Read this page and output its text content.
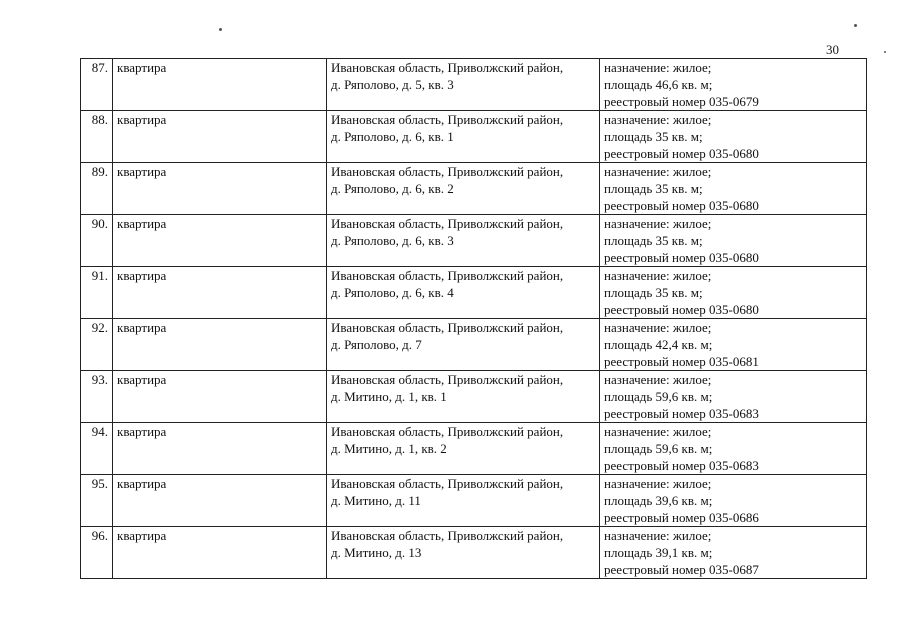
30
87.	квартира	Ивановская область, Приволжский район,
д. Ряполово, д. 5, кв. 3	назначение: жилое;
площадь 46,6 кв. м;
реестровый номер 035-0679

88.	квартира	Ивановская область, Приволжский район,
д. Ряполово, д. 6, кв. 1	назначение: жилое;
площадь 35 кв. м;
реестровый номер 035-0680

89.	квартира	Ивановская область, Приволжский район,
д. Ряполово, д. 6, кв. 2	назначение: жилое;
площадь 35 кв. м;
реестровый номер 035-0680

90.	квартира	Ивановская область, Приволжский район,
д. Ряполово, д. 6, кв. 3	назначение: жилое;
площадь 35 кв. м;
реестровый номер 035-0680

91.	квартира	Ивановская область, Приволжский район,
д. Ряполово, д. 6, кв. 4	назначение: жилое;
площадь 35 кв. м;
реестровый номер 035-0680

92.	квартира	Ивановская область, Приволжский район,
д. Ряполово, д. 7	назначение: жилое;
площадь 42,4 кв. м;
реестровый номер 035-0681

93.	квартира	Ивановская область, Приволжский район,
д. Митино, д. 1, кв. 1	назначение: жилое;
площадь 59,6 кв. м;
реестровый номер 035-0683

94.	квартира	Ивановская область, Приволжский район,
д. Митино, д. 1, кв. 2	назначение: жилое;
площадь 59,6 кв. м;
реестровый номер 035-0683

95.	квартира	Ивановская область, Приволжский район,
д. Митино, д. 11	назначение: жилое;
площадь 39,6 кв. м;
реестровый номер 035-0686

96.	квартира	Ивановская область, Приволжский район,
д. Митино, д. 13	назначение: жилое;
площадь 39,1 кв. м;
реестровый номер 035-0687
